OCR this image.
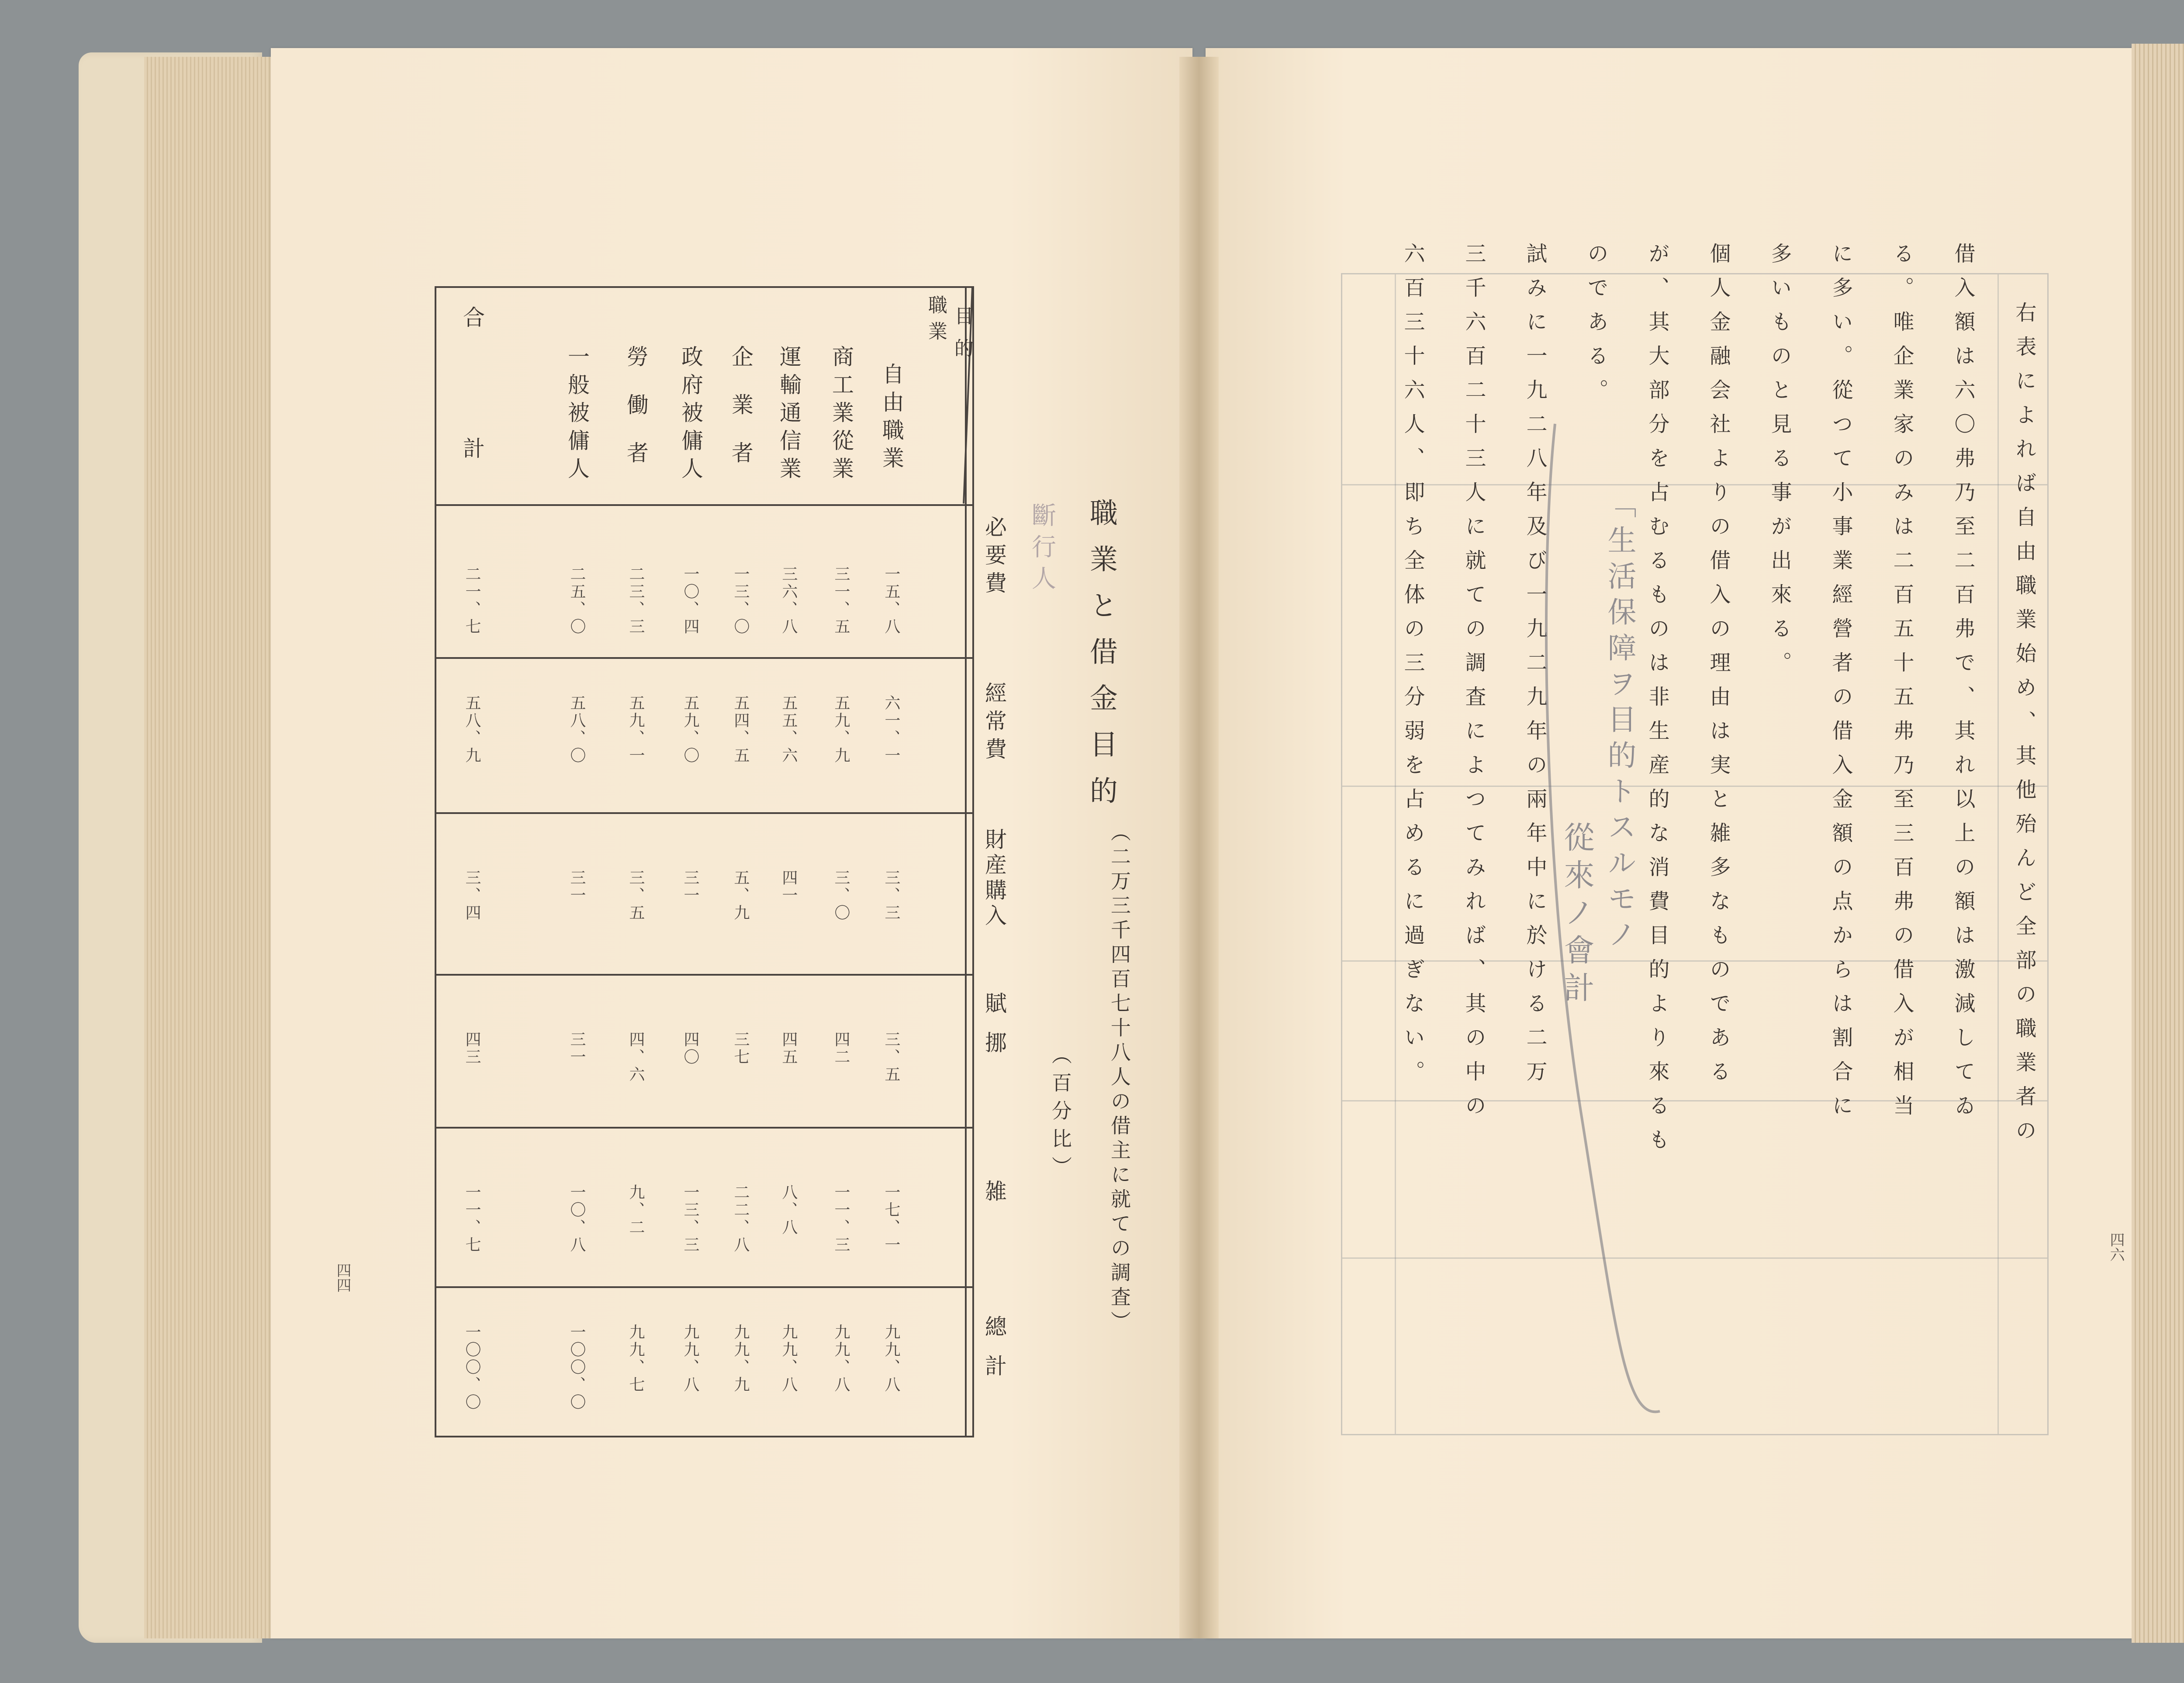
職業と借金目的
（二万三千四百七十八人の借主に就ての調査）
（百分比）
斷行人
四四
目的
職業
自由職業
商工業從業
運輸通信業
企業者
政府被傭人
勞働者
一般被傭人
合計	必要費
經常費
財産購入
賦挪
雑
總計
一五、八
六一、一
三、三
三、五
一七、一
九九、八
三一、五
五九、九
三、〇
四二
一一、三
九九、八
三六、八
五五、六
四一
四五
八、八
九九、八
一三、〇
五四、五
五、九
三七
二二、八
九九、九
一〇、四
五九、〇
三一
四〇
一三、三
九九、八
二三、三
五九、一
三、五
四、六
九、二
九九、七
二五、〇
五八、〇
三一
三一
一〇、八
一〇〇、〇
二一、七
五八、九
三、四
四三
一一、七
一〇〇、〇
右表によれば自由職業始め、其他殆んど全部の職業者の
借入額は六〇弗乃至二百弗で、其れ以上の額は激減してゐ
る。唯企業家のみは二百五十五弗乃至三百弗の借入が相当
に多い。從つて小事業經營者の借入金額の点からは割合に
多いものと見る事が出來る。
個人金融会社よりの借入の理由は実と雑多なものである
が、其大部分を占むるものは非生産的な消費目的より來るも
のである。
試みに一九二八年及び一九二九年の兩年中に於ける二万
三千六百二十三人に就ての調査によつてみれば、其の中の
六百三十六人、即ち全体の三分弱を占めるに過ぎない。	「生活保障ヲ目的トスルモノ
從來ノ會計
四六
